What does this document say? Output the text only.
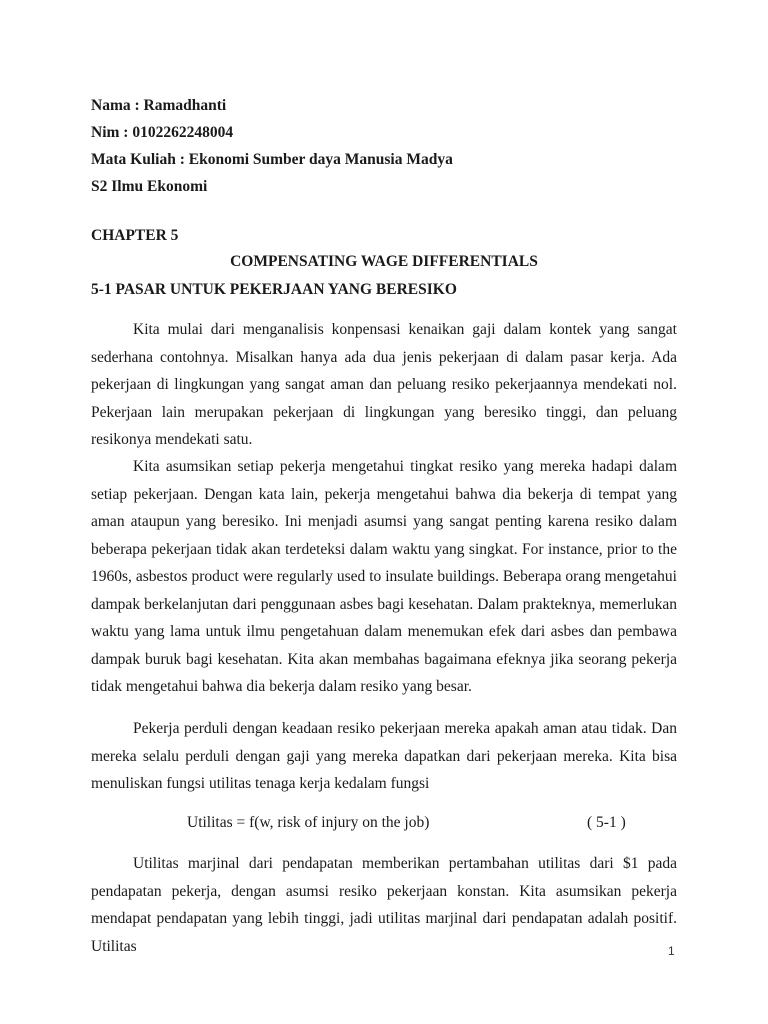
Nama : Ramadhanti
Nim : 0102262248004
Mata Kuliah : Ekonomi Sumber daya Manusia Madya
S2 Ilmu Ekonomi
CHAPTER 5
COMPENSATING WAGE DIFFERENTIALS
5-1 PASAR UNTUK PEKERJAAN YANG BERESIKO

Kita mulai dari menganalisis konpensasi kenaikan gaji dalam kontek yang sangat sederhana contohnya. Misalkan hanya ada dua jenis pekerjaan di dalam pasar kerja. Ada pekerjaan di lingkungan yang sangat aman dan peluang resiko pekerjaannya mendekati nol. Pekerjaan lain merupakan pekerjaan di lingkungan yang beresiko tinggi, dan peluang resikonya mendekati satu.

Kita asumsikan setiap pekerja mengetahui tingkat resiko yang mereka hadapi dalam setiap pekerjaan. Dengan kata lain, pekerja mengetahui bahwa dia bekerja di tempat yang aman ataupun yang beresiko. Ini menjadi asumsi yang sangat penting karena resiko dalam beberapa pekerjaan tidak akan terdeteksi dalam waktu yang singkat. For instance, prior to the 1960s, asbestos product were regularly used to insulate buildings. Beberapa orang mengetahui dampak berkelanjutan dari penggunaan asbes bagi kesehatan. Dalam prakteknya, memerlukan waktu yang lama untuk ilmu pengetahuan dalam menemukan efek dari asbes dan pembawa dampak buruk bagi kesehatan. Kita akan membahas bagaimana efeknya jika seorang pekerja tidak mengetahui bahwa dia bekerja dalam resiko yang besar.

Pekerja perduli dengan keadaan resiko pekerjaan mereka apakah aman atau tidak. Dan mereka selalu perduli dengan gaji yang mereka dapatkan dari pekerjaan mereka. Kita bisa menuliskan fungsi utilitas tenaga kerja kedalam fungsi

Utilitas = f(w, risk of injury on the job)	( 5-1 )

Utilitas marjinal dari pendapatan memberikan pertambahan utilitas dari $1 pada pendapatan pekerja, dengan asumsi resiko pekerjaan konstan. Kita asumsikan pekerja mendapat pendapatan yang lebih tinggi, jadi utilitas marjinal dari pendapatan adalah positif. Utilitas	1
